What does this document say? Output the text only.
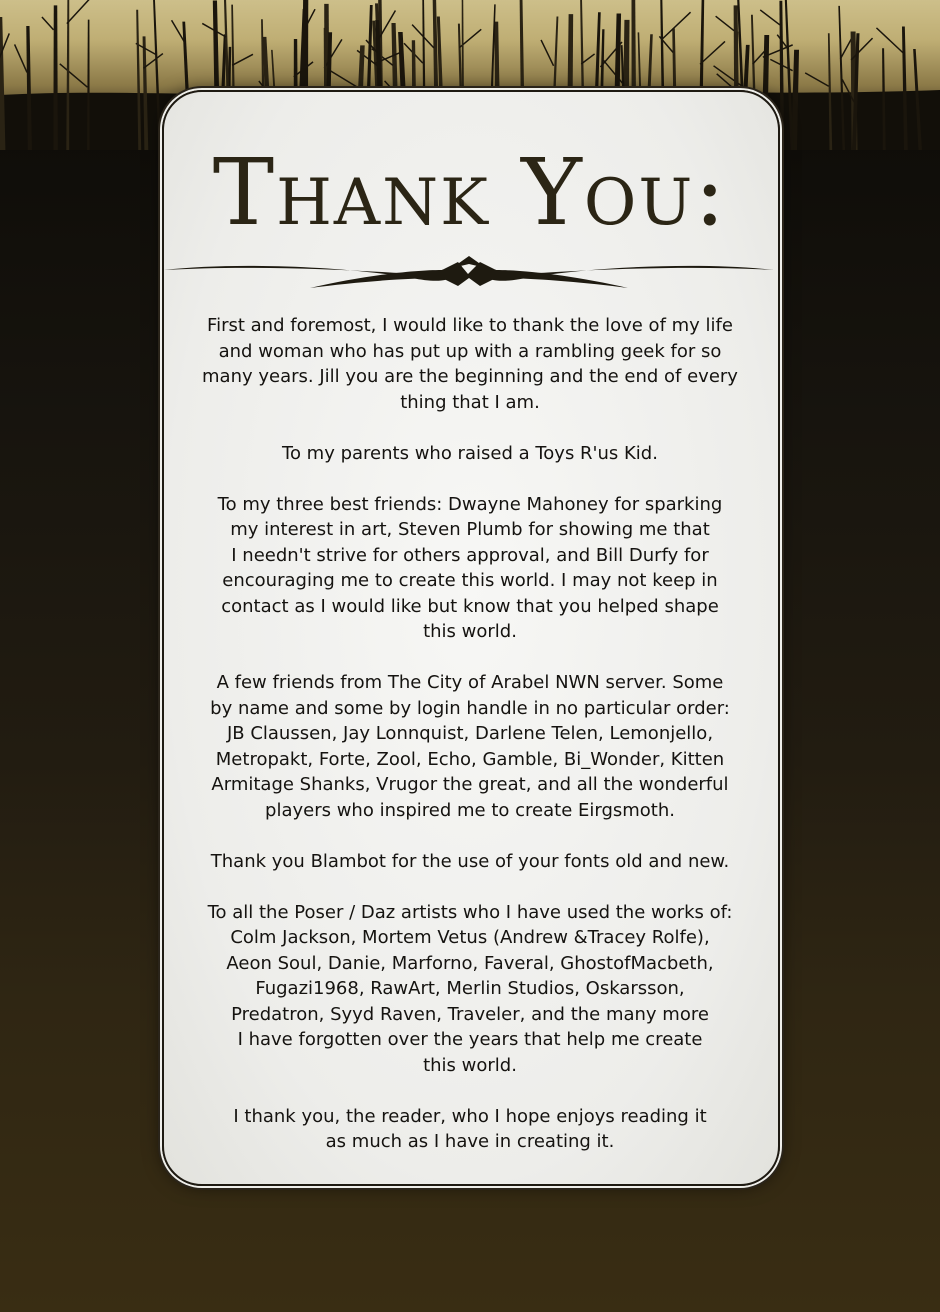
Thank You:

First and foremost, I would like to thank the love of my life
and woman who has put up with a rambling geek for so
many years. Jill you are the beginning and the end of every
thing that I am.

To my parents who raised a Toys R'us Kid.

To my three best friends: Dwayne Mahoney for sparking
my interest in art, Steven Plumb for showing me that
I needn't strive for others approval, and Bill Durfy for
encouraging me to create this world. I may not keep in
contact as I would like but know that you helped shape
this world.

A few friends from The City of Arabel NWN server. Some
by name and some by login handle in no particular order:
JB Claussen, Jay Lonnquist, Darlene Telen, Lemonjello,
Metropakt, Forte, Zool, Echo, Gamble, Bi_Wonder, Kitten
Armitage Shanks, Vrugor the great, and all the wonderful
players who inspired me to create Eirgsmoth.

Thank you Blambot for the use of your fonts old and new.

To all the Poser / Daz artists who I have used the works of:
Colm Jackson, Mortem Vetus (Andrew &Tracey Rolfe),
Aeon Soul, Danie, Marforno, Faveral, GhostofMacbeth,
Fugazi1968, RawArt, Merlin Studios, Oskarsson,
Predatron, Syyd Raven, Traveler, and the many more
I have forgotten over the years that help me create
this world.

I thank you, the reader, who I hope enjoys reading it
as much as I have in creating it.
